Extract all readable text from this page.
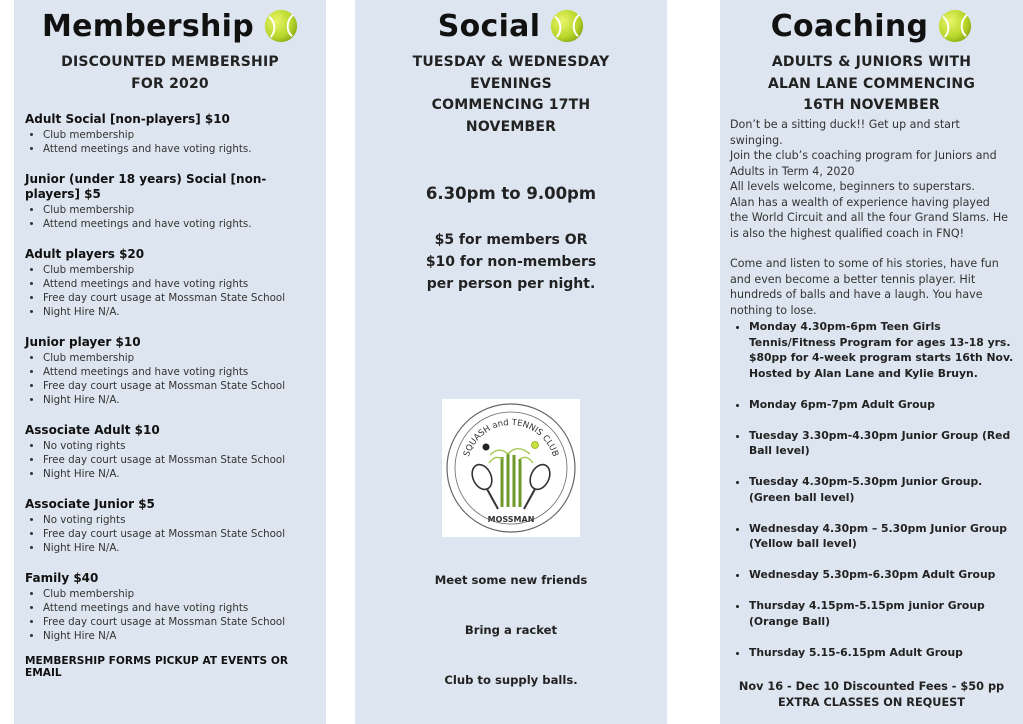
Membership
DISCOUNTED MEMBERSHIP
FOR 2020
Adult Social [non-players] $10
• Club membership
• Attend meetings and have voting rights.
Junior (under 18 years) Social [non-players] $5
• Club membership
• Attend meetings and have voting rights.
Adult players $20
• Club membership
• Attend meetings and have voting rights
• Free day court usage at Mossman State School
• Night Hire N/A.
Junior player $10
• Club membership
• Attend meetings and have voting rights
• Free day court usage at Mossman State School
• Night Hire N/A.
Associate Adult $10
• No voting rights
• Free day court usage at Mossman State School
• Night Hire N/A.
Associate Junior $5
• No voting rights
• Free day court usage at Mossman State School
• Night Hire N/A.
Family $40
• Club membership
• Attend meetings and have voting rights
• Free day court usage at Mossman State School
• Night Hire N/A
MEMBERSHIP FORMS PICKUP AT EVENTS OR EMAIL
Social
TUESDAY & WEDNESDAY
EVENINGS
COMMENCING 17TH
NOVEMBER
6.30pm to 9.00pm
$5 for members OR
$10 for non-members
per person per night.
SQUASH and TENNIS CLUB
MOSSMAN
Meet some new friends
Bring a racket
Club to supply balls.
Coaching
ADULTS & JUNIORS WITH
ALAN LANE COMMENCING
16TH NOVEMBER
Don’t be a sitting duck!! Get up and start swinging.
Join the club’s coaching program for Juniors and
Adults in Term 4, 2020
All levels welcome, beginners to superstars.
Alan has a wealth of experience having played
the World Circuit and all the four Grand Slams. He
is also the highest qualified coach in FNQ!
Come and listen to some of his stories, have fun
and even become a better tennis player. Hit
hundreds of balls and have a laugh. You have
nothing to lose.
• Monday 4.30pm-6pm Teen Girls
Tennis/Fitness Program for ages 13-18 yrs.
$80pp for 4-week program starts 16th Nov.
Hosted by Alan Lane and Kylie Bruyn.
• Monday 6pm-7pm Adult Group
• Tuesday 3.30pm-4.30pm Junior Group (Red
Ball level)
• Tuesday 4.30pm-5.30pm Junior Group.
(Green ball level)
• Wednesday 4.30pm – 5.30pm Junior Group
(Yellow ball level)
• Wednesday 5.30pm-6.30pm Adult Group
• Thursday 4.15pm-5.15pm junior Group
(Orange Ball)
• Thursday 5.15-6.15pm Adult Group
Nov 16 - Dec 10 Discounted Fees - $50 pp
EXTRA CLASSES ON REQUEST
